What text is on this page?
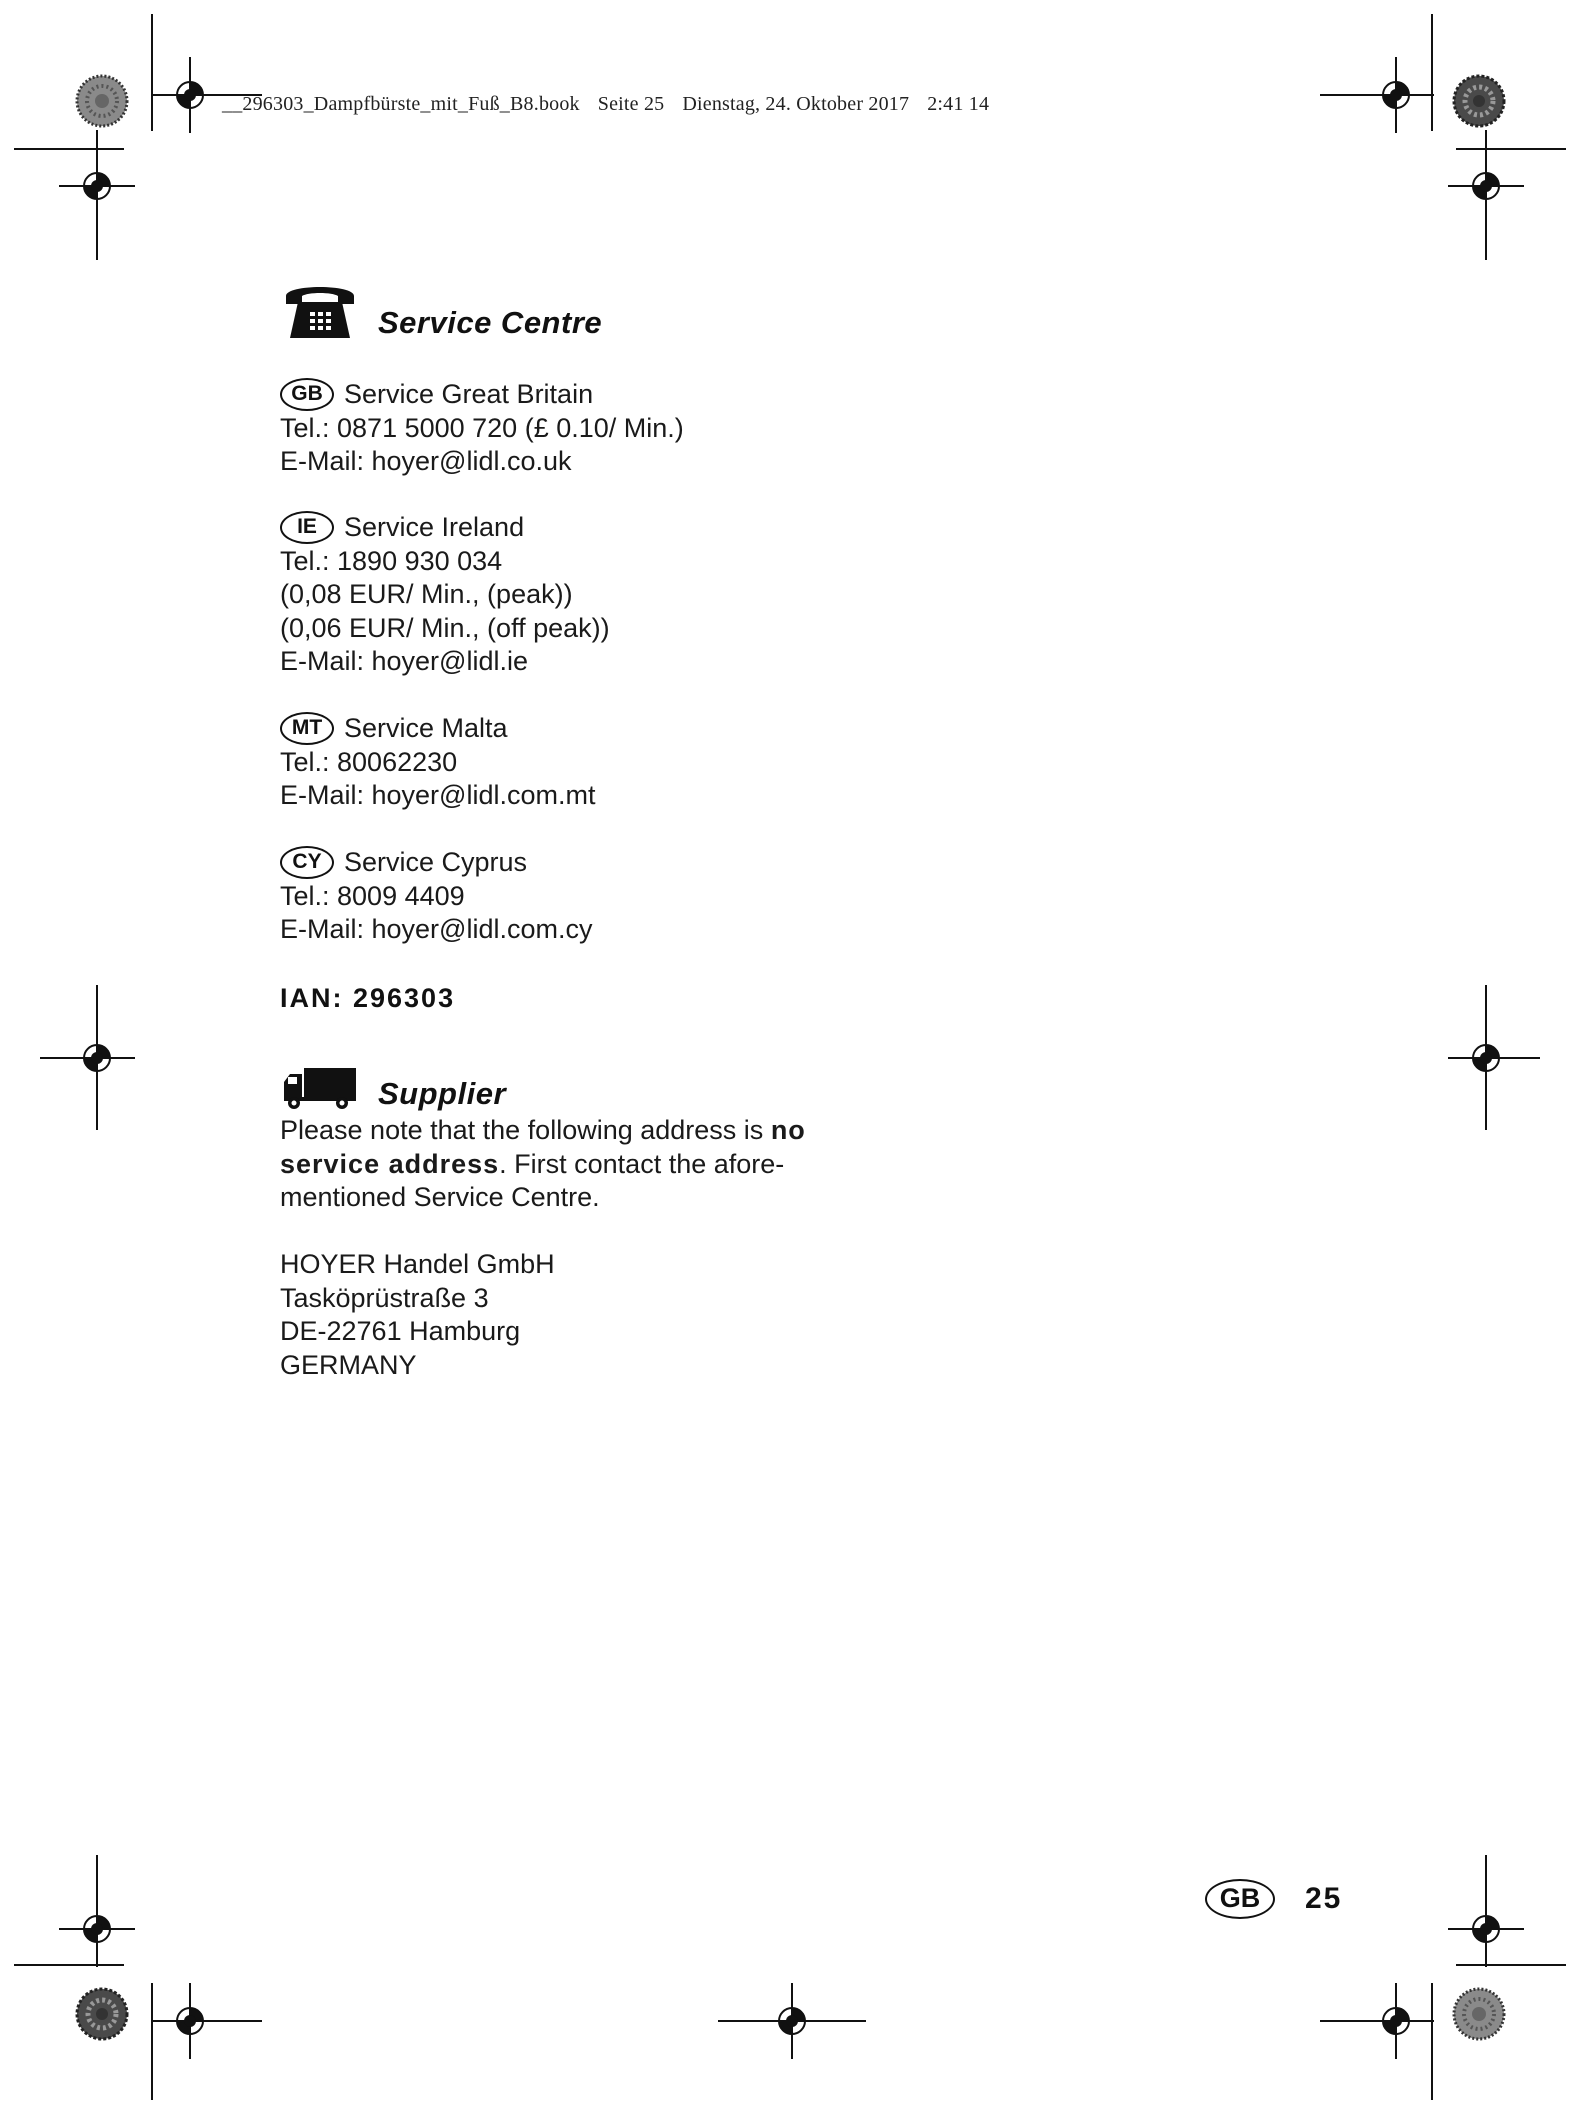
__296303_Dampfbürste_mit_Fuß_B8.book Seite 25 Dienstag, 24. Oktober 2017 2:41 14
Service Centre
GB Service Great Britain
Tel.: 0871 5000 720 (£ 0.10/ Min.)
E-Mail: hoyer@lidl.co.uk
IE	Service Ireland
Tel.: 1890 930 034
(0,08 EUR/ Min., (peak))
(0,06 EUR/ Min., (off peak))
E-Mail: hoyer@lidl.ie
MT Service Malta
Tel.: 80062230
E-Mail: hoyer@lidl.com.mt
CY Service Cyprus
Tel.: 8009 4409
E-Mail: hoyer@lidl.com.cy
IAN: 296303
Supplier
Please note that the following address is no
service address. First contact the afore-
mentioned Service Centre.
HOYER Handel GmbH
Tasköprüstraße 3
DE-22761 Hamburg
GERMANY
GB	25
